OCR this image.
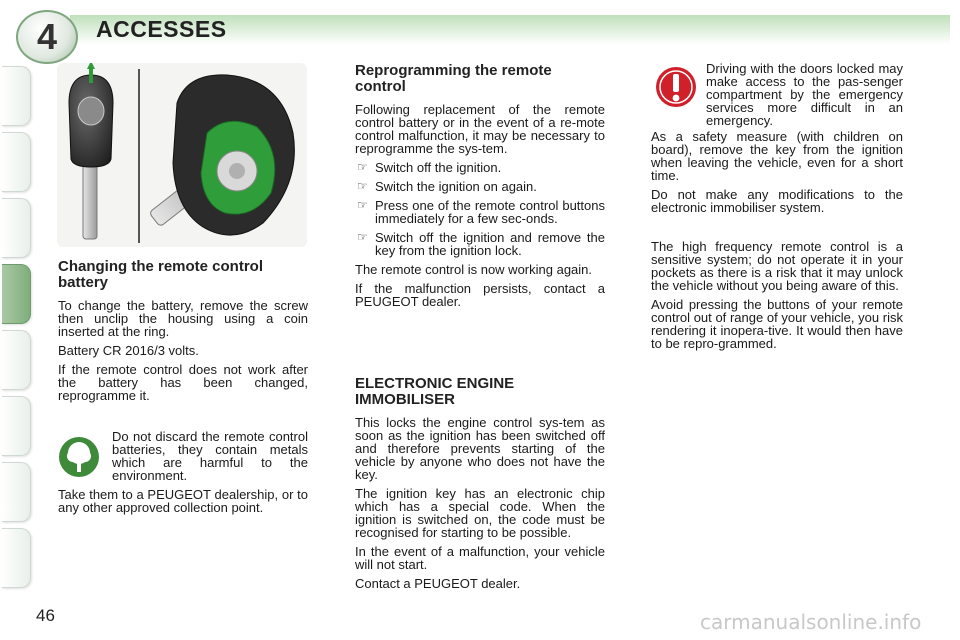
4 ACCESSES
Changing the remote control battery

To change the battery, remove the screw then unclip the housing using a coin inserted at the ring.

Battery CR 2016/3 volts.

If the remote control does not work after the battery has been changed, reprogramme it.

Do not discard the remote control batteries, they contain metals which are harmful to the environment.

Take them to a PEUGEOT dealership, or to any other approved collection point.

Reprogramming the remote control

Following replacement of the remote control battery or in the event of a re-mote control malfunction, it may be necessary to reprogramme the sys-tem.

☞ Switch off the ignition.
☞ Switch the ignition on again.
☞ Press one of the remote control buttons immediately for a few sec-onds.
☞ Switch off the ignition and remove the key from the ignition lock.

The remote control is now working again.

If the malfunction persists, contact a PEUGEOT dealer.

ELECTRONIC ENGINE IMMOBILISER

This locks the engine control sys-tem as soon as the ignition has been switched off and therefore prevents starting of the vehicle by anyone who does not have the key.

The ignition key has an electronic chip which has a special code. When the ignition is switched on, the code must be recognised for starting to be possible.

In the event of a malfunction, your vehicle will not start.

Contact a PEUGEOT dealer.

Driving with the doors locked may make access to the pas-senger compartment by the emergency services more difficult in an emergency.

As a safety measure (with children on board), remove the key from the ignition when leaving the vehicle, even for a short time.

Do not make any modifications to the electronic immobiliser system.

The high frequency remote control is a sensitive system; do not operate it in your pockets as there is a risk that it may unlock the vehicle without you being aware of this.

Avoid pressing the buttons of your remote control out of range of your vehicle, you risk rendering it inopera-tive. It would then have to be repro-grammed.

46	carmanualsonline.info
